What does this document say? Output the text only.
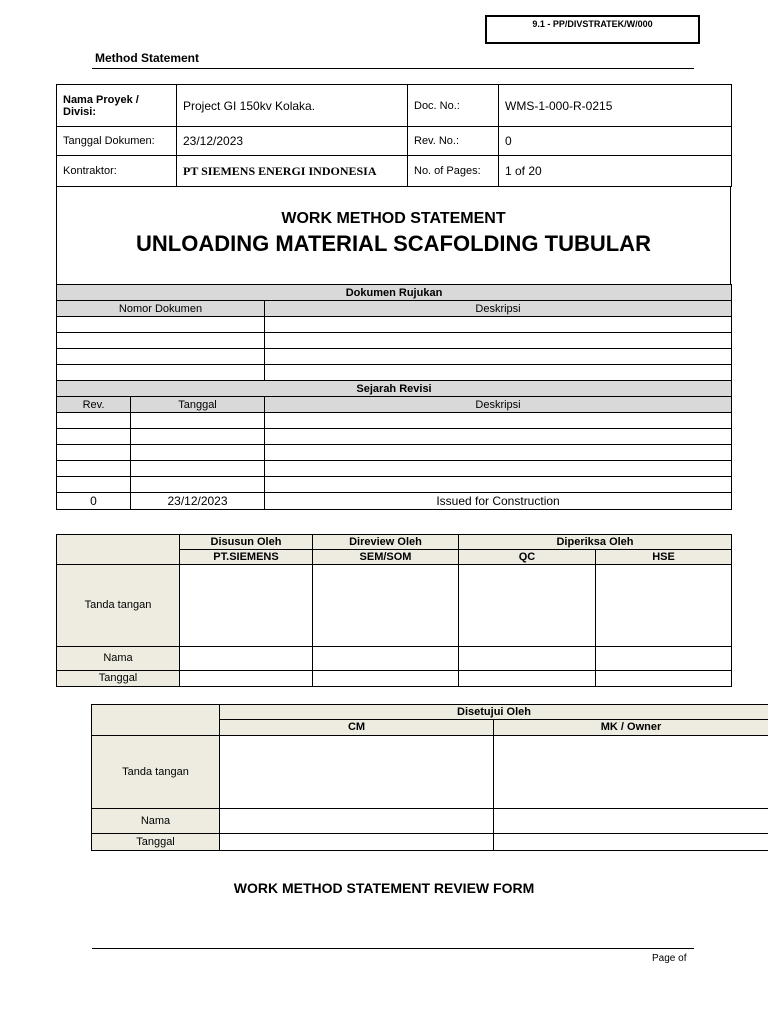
9.1 - PP/DIVSTRATEK/W/000
Method Statement
Nama Proyek / Divisi:	Project GI 150kv Kolaka.	Doc. No.:	WMS-1-000-R-0215
Tanggal Dokumen:	23/12/2023	Rev. No.:	0
Kontraktor:	PT SIEMENS ENERGI INDONESIA	No. of Pages:	1 of 20
WORK METHOD STATEMENT
UNLOADING MATERIAL SCAFOLDING TUBULAR
Dokumen Rujukan		
Nomor Dokumen		Deskripsi

Sejarah Revisi		
Rev.	Tanggal	Deskripsi

0	23/12/2023	Issued for Construction
	Disusun Oleh	Direview Oleh	Diperiksa Oleh	
	PT.SIEMENS	SEM/SOM	QC	HSE
Tanda tangan				
Nama				
Tanggal				
	Disetujui Oleh	
	CM	MK / Owner
Tanda tangan		
Nama		
Tanggal		
WORK METHOD STATEMENT REVIEW FORM
Page of
